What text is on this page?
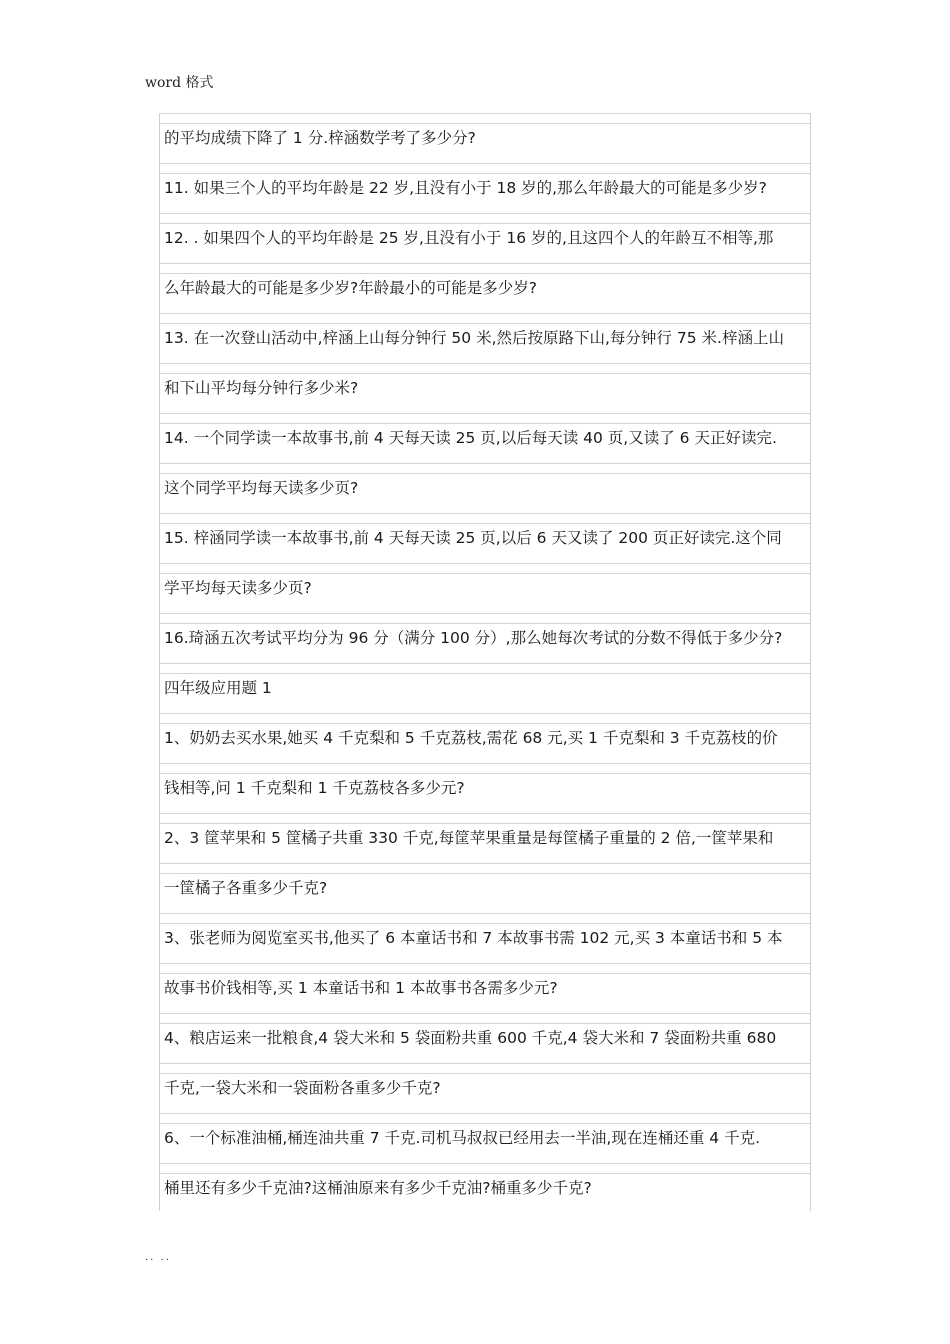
word 格式
的平均成绩下降了 1 分.梓涵数学考了多少分?
11. 如果三个人的平均年龄是 22 岁,且没有小于 18 岁的,那么年龄最大的可能是多少岁?
12. . 如果四个人的平均年龄是 25 岁,且没有小于 16 岁的,且这四个人的年龄互不相等,那
么年龄最大的可能是多少岁?年龄最小的可能是多少岁?
13. 在一次登山活动中,梓涵上山每分钟行 50 米,然后按原路下山,每分钟行 75 米.梓涵上山
和下山平均每分钟行多少米?
14. 一个同学读一本故事书,前 4 天每天读 25 页,以后每天读 40 页,又读了 6 天正好读完.
这个同学平均每天读多少页?
15. 梓涵同学读一本故事书,前 4 天每天读 25 页,以后 6 天又读了 200 页正好读完.这个同
学平均每天读多少页?
16.琦涵五次考试平均分为 96 分（满分 100 分）,那么她每次考试的分数不得低于多少分?
四年级应用题 1
1、奶奶去买水果,她买 4 千克梨和 5 千克荔枝,需花 68 元,买 1 千克梨和 3 千克荔枝的价
钱相等,问 1 千克梨和 1 千克荔枝各多少元?
2、3 筐苹果和 5 筐橘子共重 330 千克,每筐苹果重量是每筐橘子重量的 2 倍,一筐苹果和
一筐橘子各重多少千克?
3、张老师为阅览室买书,他买了 6 本童话书和 7 本故事书需 102 元,买 3 本童话书和 5 本
故事书价钱相等,买 1 本童话书和 1 本故事书各需多少元?
4、粮店运来一批粮食,4 袋大米和 5 袋面粉共重 600 千克,4 袋大米和 7 袋面粉共重 680
千克,一袋大米和一袋面粉各重多少千克?
6、一个标准油桶,桶连油共重 7 千克.司机马叔叔已经用去一半油,现在连桶还重 4 千克.
桶里还有多少千克油?这桶油原来有多少千克油?桶重多少千克?
.. ..
